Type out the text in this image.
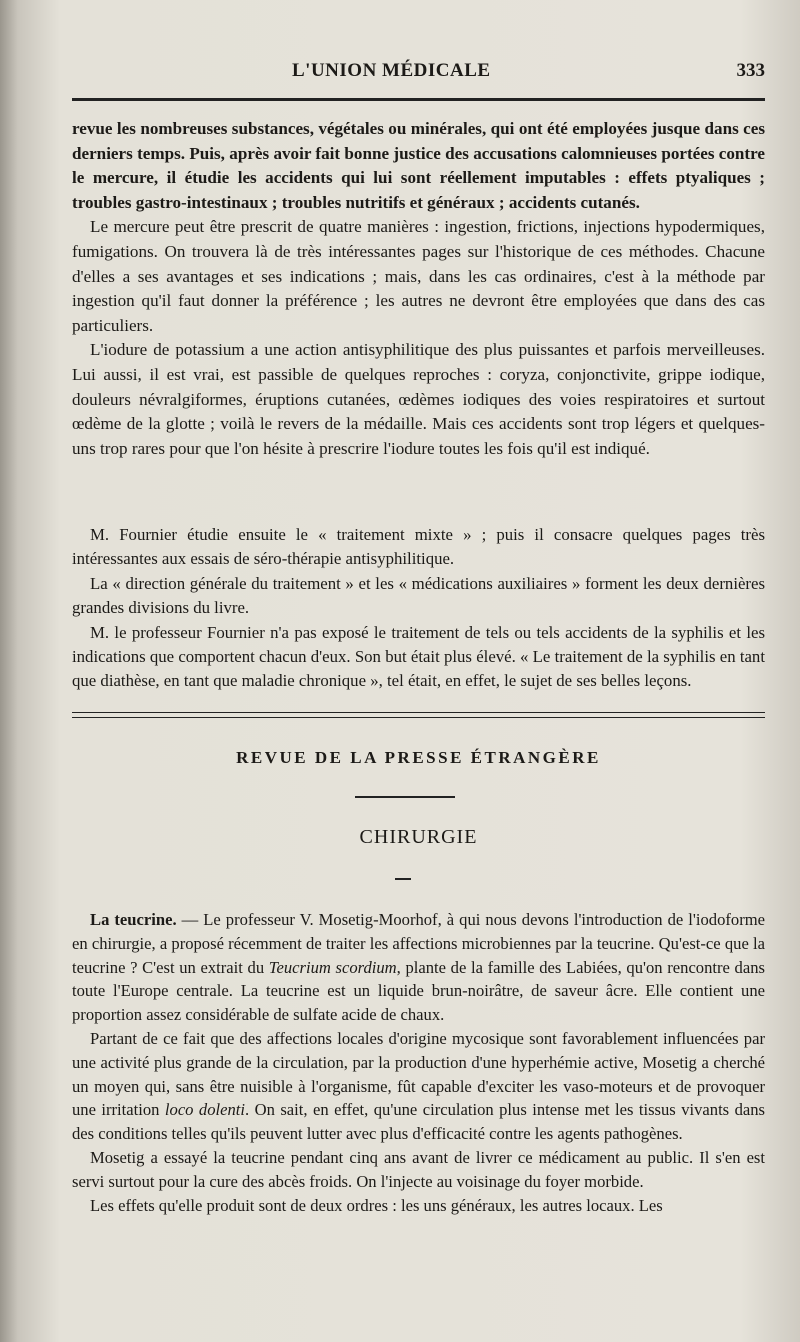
L'UNION MÉDICALE	333

revue les nombreuses substances, végétales ou minérales, qui ont été employées jusque dans ces derniers temps. Puis, après avoir fait bonne justice des accusations calomnieuses portées contre le mercure, il étudie les accidents qui lui sont réellement imputables : effets ptyaliques ; troubles gastro-intestinaux ; troubles nutritifs et généraux ; accidents cutanés.

Le mercure peut être prescrit de quatre manières : ingestion, frictions, injections hypodermiques, fumigations. On trouvera là de très intéressantes pages sur l'historique de ces méthodes. Chacune d'elles a ses avantages et ses indications ; mais, dans les cas ordinaires, c'est à la méthode par ingestion qu'il faut donner la préférence ; les autres ne devront être employées que dans des cas particuliers.

L'iodure de potassium a une action antisyphilitique des plus puissantes et parfois merveilleuses. Lui aussi, il est vrai, est passible de quelques reproches : coryza, conjonctivite, grippe iodique, douleurs névralgiformes, éruptions cutanées, œdèmes iodiques des voies respiratoires et surtout œdème de la glotte ; voilà le revers de la médaille. Mais ces accidents sont trop légers et quelques-uns trop rares pour que l'on hésite à prescrire l'iodure toutes les fois qu'il est indiqué.

M. Fournier étudie ensuite le « traitement mixte » ; puis il consacre quelques pages très intéressantes aux essais de séro-thérapie antisyphilitique.

La « direction générale du traitement » et les « médications auxiliaires » forment les deux dernières grandes divisions du livre.

M. le professeur Fournier n'a pas exposé le traitement de tels ou tels accidents de la syphilis et les indications que comportent chacun d'eux. Son but était plus élevé. « Le traitement de la syphilis en tant que diathèse, en tant que maladie chronique », tel était, en effet, le sujet de ses belles leçons.

REVUE DE LA PRESSE ÉTRANGÈRE
CHIRURGIE

La teucrine. — Le professeur V. Mosetig-Moorhof, à qui nous devons l'introduction de l'iodoforme en chirurgie, a proposé récemment de traiter les affections microbiennes par la teucrine. Qu'est-ce que la teucrine ? C'est un extrait du Teucrium scordium, plante de la famille des Labiées, qu'on rencontre dans toute l'Europe centrale. La teucrine est un liquide brun-noirâtre, de saveur âcre. Elle contient une proportion assez considérable de sulfate acide de chaux.

Partant de ce fait que des affections locales d'origine mycosique sont favorablement influencées par une activité plus grande de la circulation, par la production d'une hyperhémie active, Mosetig a cherché un moyen qui, sans être nuisible à l'organisme, fût capable d'exciter les vaso-moteurs et de provoquer une irritation loco dolenti. On sait, en effet, qu'une circulation plus intense met les tissus vivants dans des conditions telles qu'ils peuvent lutter avec plus d'efficacité contre les agents pathogènes.

Mosetig a essayé la teucrine pendant cinq ans avant de livrer ce médicament au public. Il s'en est servi surtout pour la cure des abcès froids. On l'injecte au voisinage du foyer morbide.

Les effets qu'elle produit sont de deux ordres : les uns généraux, les autres locaux. Les
